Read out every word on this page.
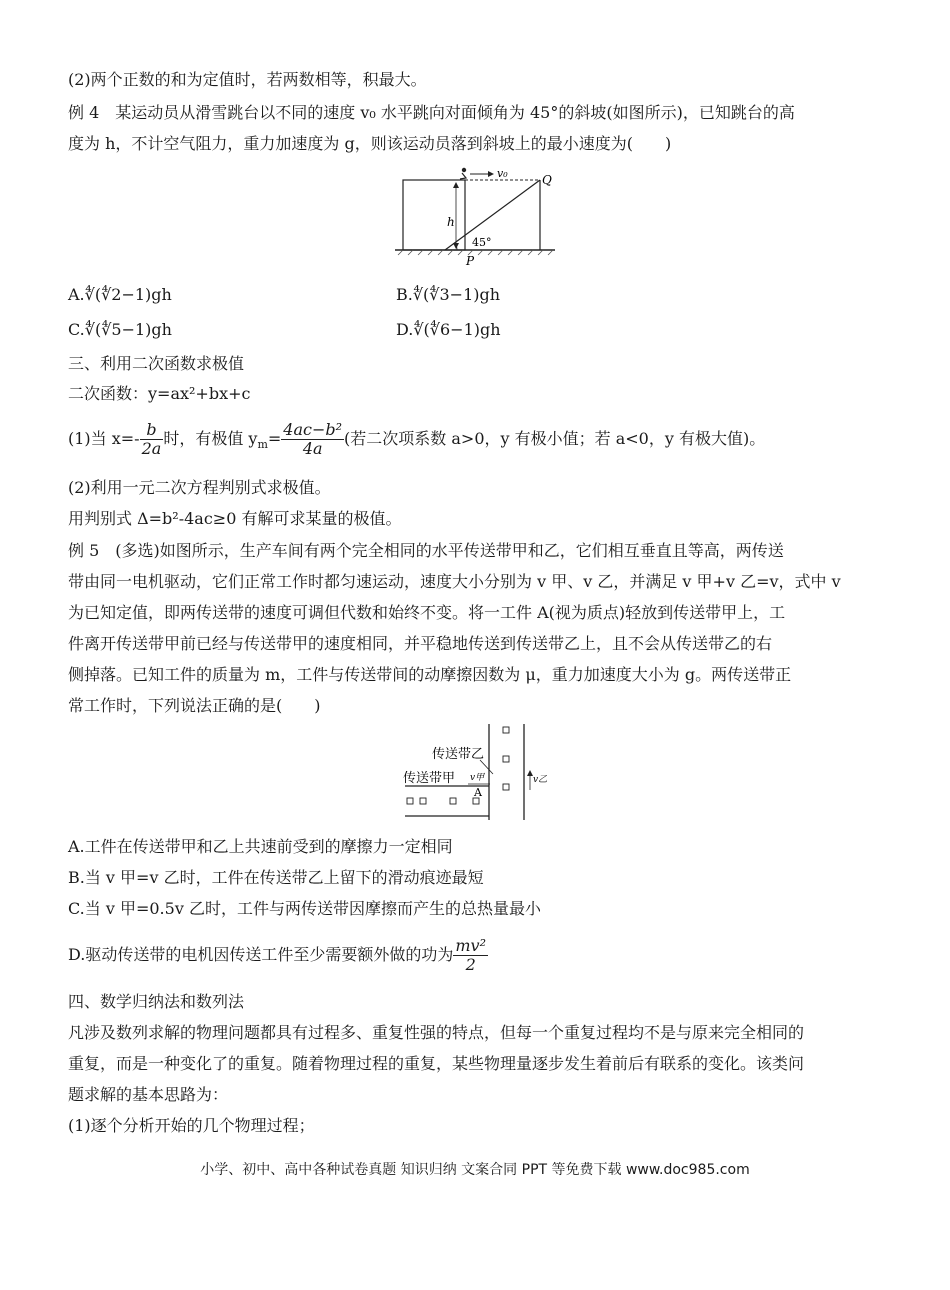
(2)两个正数的和为定值时，若两数相等，积最大。
例 4　某运动员从滑雪跳台以不同的速度 v₀ 水平跳向对面倾角为 45°的斜坡(如图所示)，已知跳台的高
度为 h，不计空气阻力，重力加速度为 g，则该运动员落到斜坡上的最小速度为(　　)
v₀	Q
h
45°
P
A.∜(∜2−1)gh	B.∜(∜3−1)gh
C.∜(∜5−1)gh	D.∜(∜6−1)gh
三、利用二次函数求极值
二次函数：y=ax²+bx+c
(1)当 $x=- \frac{b}{2a}$ 时，有极值 $y_m= \frac{\text{4ac−b²}}{4a}$ (若二次项系数 a>0，y 有极小值；若 a<0，y 有极大值)。
(2)利用一元二次方程判别式求极值。
用判别式 Δ=b²-4ac≥0 有解可求某量的极值。
例 5　(多选)如图所示，生产车间有两个完全相同的水平传送带甲和乙，它们相互垂直且等高，两传送
带由同一电机驱动，它们正常工作时都匀速运动，速度大小分别为 v 甲、v 乙，并满足 v 甲+v 乙=v，式中 v
为已知定值，即两传送带的速度可调但代数和始终不变。将一工件 A(视为质点)轻放到传送带甲上，工
件离开传送带甲前已经与传送带甲的速度相同，并平稳地传送到传送带乙上，且不会从传送带乙的右
侧掉落。已知工件的质量为 m，工件与传送带间的动摩擦因数为 μ，重力加速度大小为 g。两传送带正
常工作时，下列说法正确的是(　　)
传送带乙
传送带甲 v甲
A
v乙
A.工件在传送带甲和乙上共速前受到的摩擦力一定相同
B.当 v 甲=v 乙时，工件在传送带乙上留下的滑动痕迹最短
C.当 v 甲=0.5v 乙时，工件与两传送带因摩擦而产生的总热量最小
D.驱动传送带的电机因传送工件至少需要额外做的功为 $\frac{\text{mv²}}{2}$
四、数学归纳法和数列法
凡涉及数列求解的物理问题都具有过程多、重复性强的特点，但每一个重复过程均不是与原来完全相同的
重复，而是一种变化了的重复。随着物理过程的重复，某些物理量逐步发生着前后有联系的变化。该类问
题求解的基本思路为：
(1)逐个分析开始的几个物理过程；
小学、初中、高中各种试卷真题 知识归纳 文案合同 PPT 等免费下载 www.doc985.com
